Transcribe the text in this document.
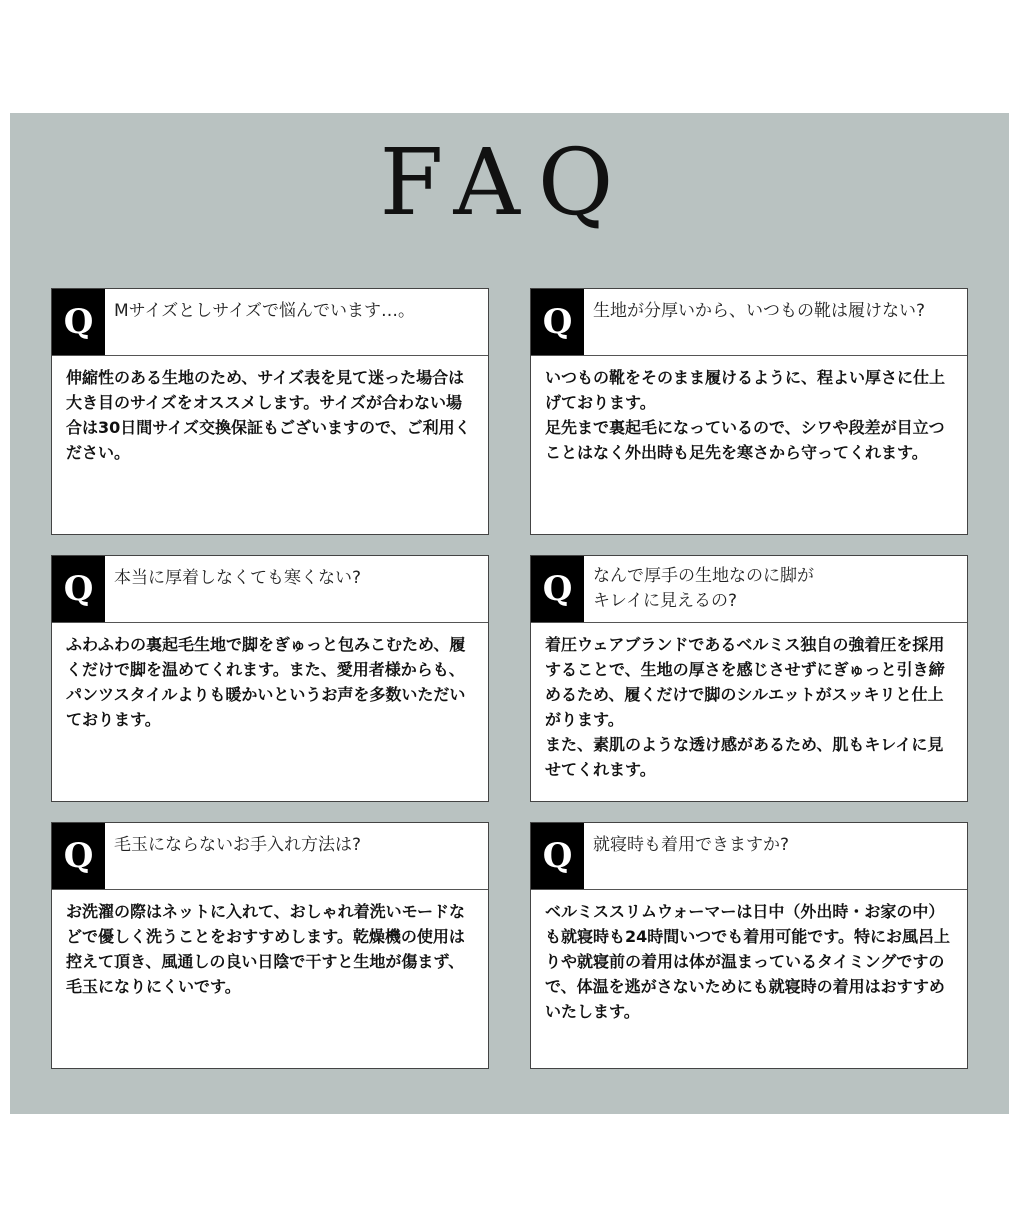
FAQ
Q	Mサイズとしサイズで悩んでいます…。
伸縮性のある生地のため、サイズ表を見て迷った場合は大き目のサイズをオススメします。サイズが合わない場合は30日間サイズ交換保証もございますので、ご利用ください。
Q	生地が分厚いから、いつもの靴は履けない?
いつもの靴をそのまま履けるように、程よい厚さに仕上げております。
足先まで裏起毛になっているので、シワや段差が目立つことはなく外出時も足先を寒さから守ってくれます。
Q	本当に厚着しなくても寒くない?
ふわふわの裏起毛生地で脚をぎゅっと包みこむため、履くだけで脚を温めてくれます。また、愛用者様からも、パンツスタイルよりも暖かいというお声を多数いただいております。
Q	なんで厚手の生地なのに脚が
キレイに見えるの?
着圧ウェアブランドであるベルミス独自の強着圧を採用することで、生地の厚さを感じさせずにぎゅっと引き締めるため、履くだけで脚のシルエットがスッキリと仕上がります。
また、素肌のような透け感があるため、肌もキレイに見せてくれます。
Q	毛玉にならないお手入れ方法は?
お洗濯の際はネットに入れて、おしゃれ着洗いモードなどで優しく洗うことをおすすめします。乾燥機の使用は控えて頂き、風通しの良い日陰で干すと生地が傷まず、毛玉になりにくいです。
Q	就寝時も着用できますか?
ベルミススリムウォーマーは日中（外出時・お家の中）も就寝時も24時間いつでも着用可能です。特にお風呂上りや就寝前の着用は体が温まっているタイミングですので、体温を逃がさないためにも就寝時の着用はおすすめいたします。
